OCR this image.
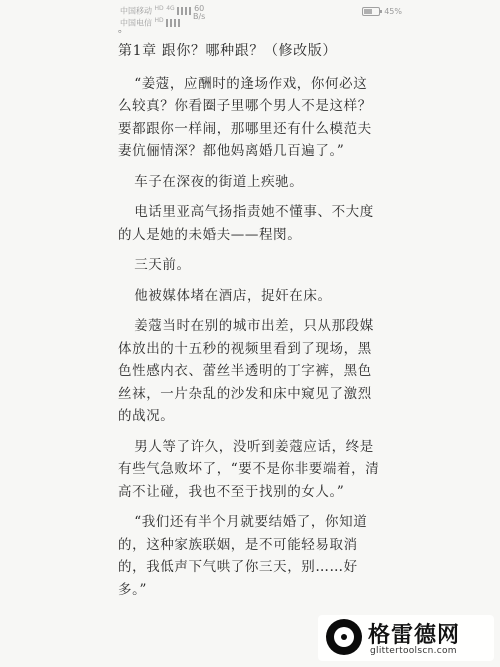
中国移动 $^{HD}$ $^{4G}$
中国电信 $^{HD}$
60
B/s
45%
。

第1章 跟你？哪种跟？（修改版）

“姜蔻，应酬时的逢场作戏，你何必这么较真？你看圈子里哪个男人不是这样？要都跟你一样闹，那哪里还有什么模范夫妻伉俪情深？都他妈离婚几百遍了。”

车子在深夜的街道上疾驰。

电话里亚高气扬指责她不懂事、不大度的人是她的未婚夫——程閔。

三天前。

他被媒体堵在酒店，捉奸在床。

姜蔻当时在别的城市出差，只从那段媒体放出的十五秒的视频里看到了现场，黑色性感内衣、蕾丝半透明的丁字裤，黑色丝袜，一片杂乱的沙发和床中窥见了激烈的战况。

男人等了许久，没听到姜蔻应话，终是有些气急败坏了，“要不是你非要端着，清高不让碰，我也不至于找别的女人。”

“我们还有半个月就要结婚了，你知道的，这种家族联姻，是不可能轻易取消的，我低声下气哄了你三天，别……好多。”

格雷德网
glittertoolscn.com
